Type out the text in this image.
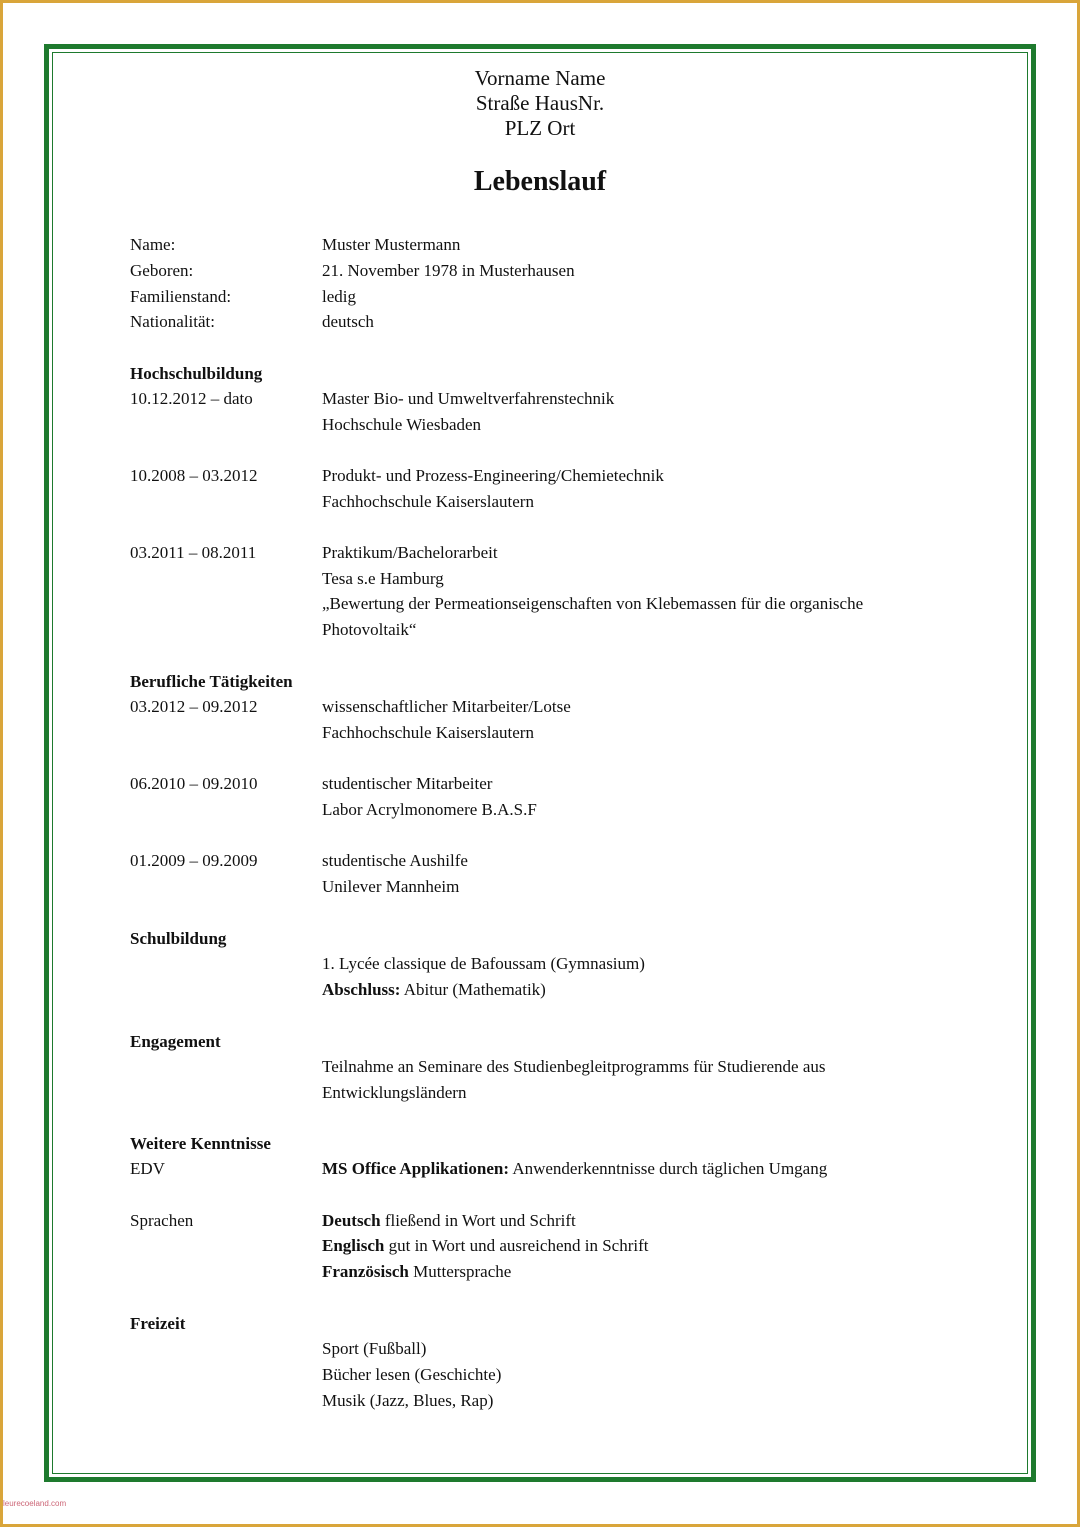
Vorname Name
Straße HausNr.
PLZ Ort
Lebenslauf
Name:	Muster Mustermann
Geboren:	21. November 1978 in Musterhausen
Familienstand:	ledig
Nationalität:	deutsch
Hochschulbildung
10.12.2012 – dato	Master Bio- und Umweltverfahrenstechnik
Hochschule Wiesbaden
10.2008 – 03.2012	Produkt- und Prozess-Engineering/Chemietechnik
Fachhochschule Kaiserslautern
03.2011 – 08.2011	Praktikum/Bachelorarbeit
Tesa s.e Hamburg
„Bewertung der Permeationseigenschaften von Klebemassen für die organische
Photovoltaik“
Berufliche Tätigkeiten
03.2012 – 09.2012	wissenschaftlicher Mitarbeiter/Lotse
Fachhochschule Kaiserslautern
06.2010 – 09.2010	studentischer Mitarbeiter
Labor Acrylmonomere B.A.S.F
01.2009 – 09.2009	studentische Aushilfe
Unilever Mannheim
Schulbildung
1. Lycée classique de Bafoussam (Gymnasium)
Abschluss: Abitur (Mathematik)
Engagement
Teilnahme an Seminare des Studienbegleitprogramms für Studierende aus
Entwicklungsländern
Weitere Kenntnisse
EDV	MS Office Applikationen: Anwenderkenntnisse durch täglichen Umgang
Sprachen	Deutsch fließend in Wort und Schrift
Englisch gut in Wort und ausreichend in Schrift
Französisch Muttersprache
Freizeit
Sport (Fußball)
Bücher lesen (Geschichte)
Musik (Jazz, Blues, Rap)
leurecoeland.com
